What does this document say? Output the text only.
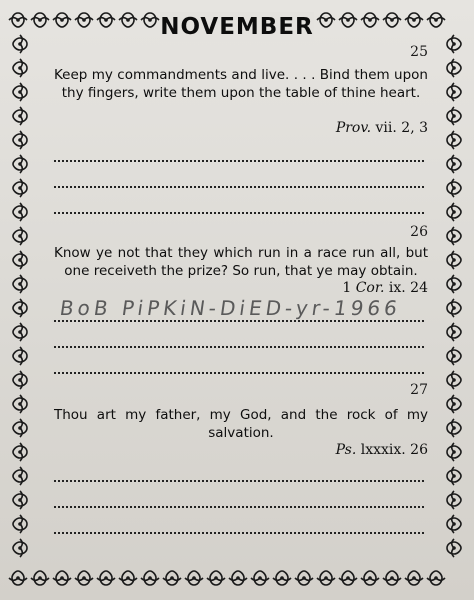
NOVEMBER
25
Keep my commandments and live. . . . Bind them upon thy fingers, write them upon the table of thine heart.
Prov. vii. 2, 3
26
Know ye not that they which run in a race run all, but one receiveth the prize? So run, that ye may obtain.
1 Cor. ix. 24
BoB PiPKiN-DiED-yr-1966
27
Thou art my father, my God, and the rock of my salvation.
Ps. lxxxix. 26
